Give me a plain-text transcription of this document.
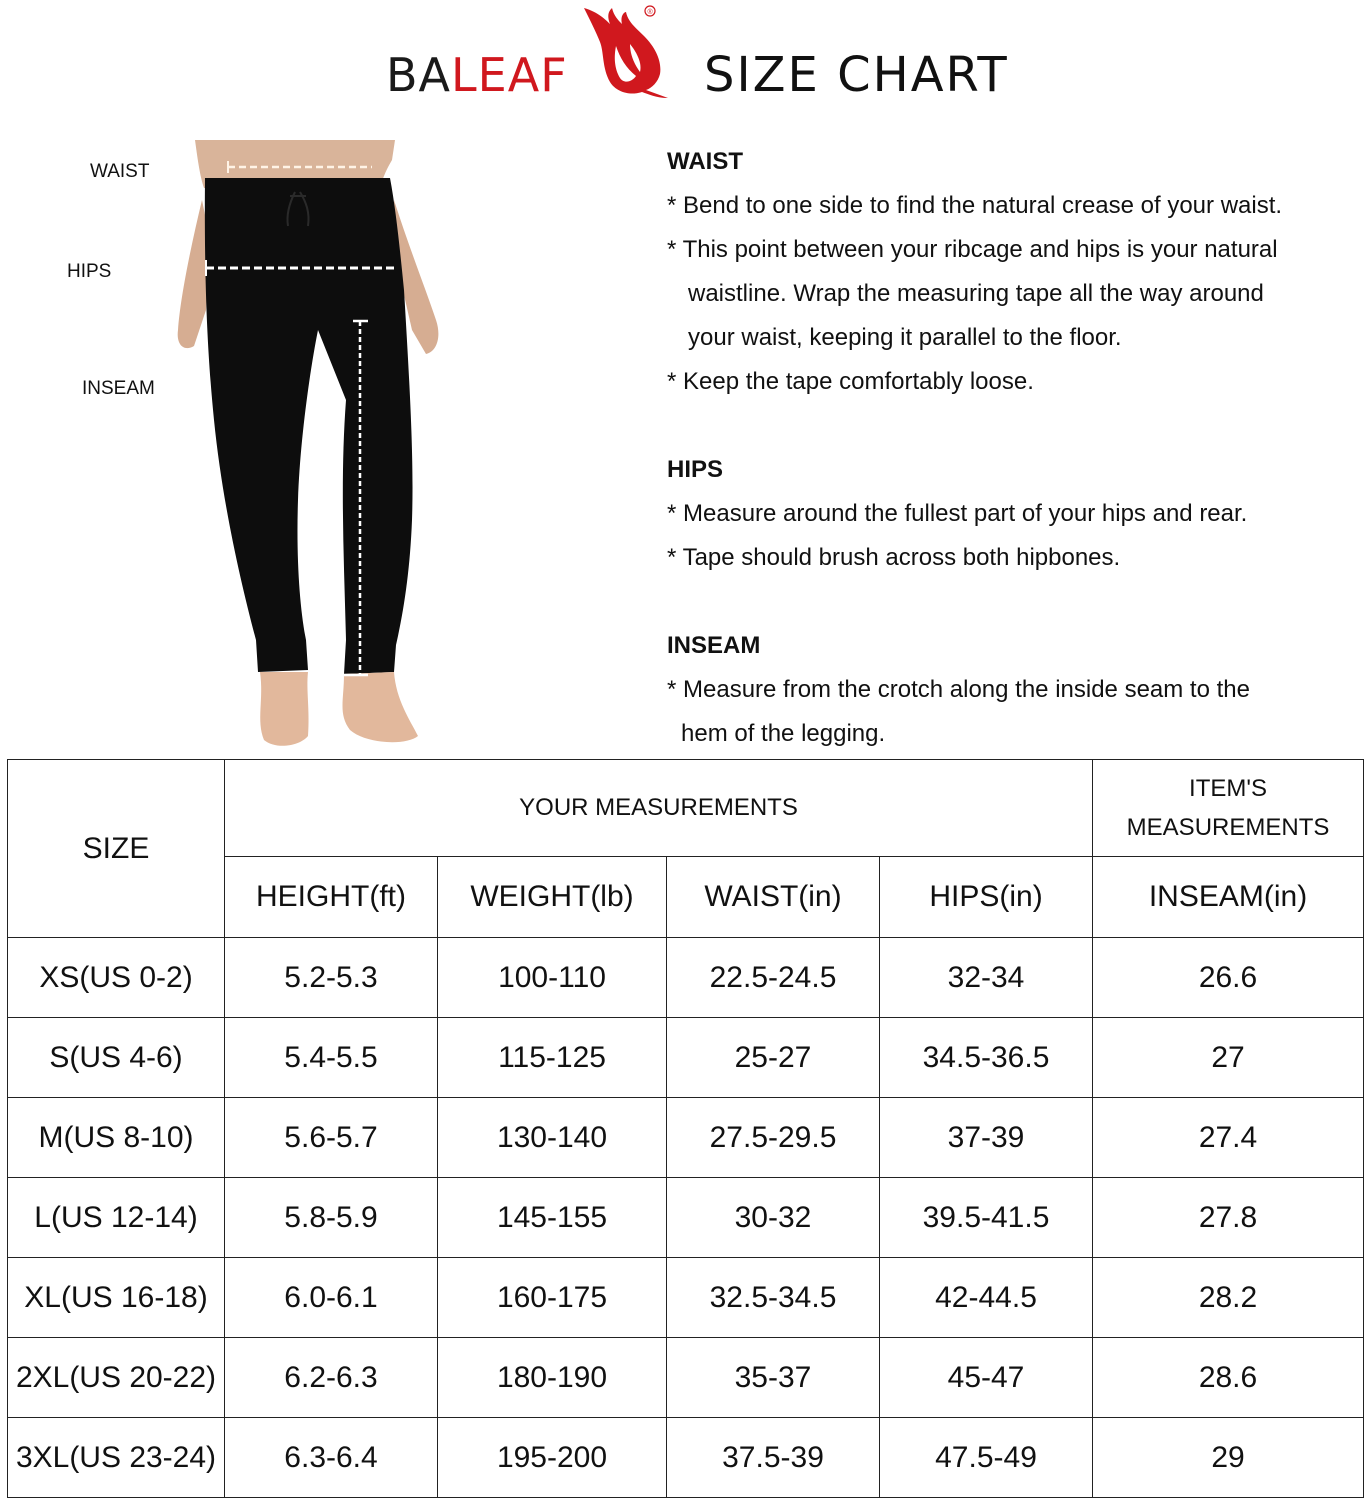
BALEAF
®
SIZE CHART
WAIST
HIPS
INSEAM
WAIST

* Bend to one side to find the natural crease of your waist.

* This point between your ribcage and hips is your natural

waistline. Wrap the measuring tape all the way around

your waist, keeping it parallel to the floor.

* Keep the tape comfortably loose.

HIPS

* Measure around the fullest part of your hips and rear.

* Tape should brush across both hipbones.

INSEAM

* Measure from the crotch along the inside seam to the

hem of the legging.

SIZE	YOUR MEASUREMENTS				ITEM'S
MEASUREMENTS
	HEIGHT(ft)	WEIGHT(lb)	WAIST(in)	HIPS(in)	INSEAM(in)
XS(US 0-2)	5.2-5.3	100-110	22.5-24.5	32-34	26.6
S(US 4-6)	5.4-5.5	115-125	25-27	34.5-36.5	27
M(US 8-10)	5.6-5.7	130-140	27.5-29.5	37-39	27.4
L(US 12-14)	5.8-5.9	145-155	30-32	39.5-41.5	27.8
XL(US 16-18)	6.0-6.1	160-175	32.5-34.5	42-44.5	28.2
2XL(US 20-22)	6.2-6.3	180-190	35-37	45-47	28.6
3XL(US 23-24)	6.3-6.4	195-200	37.5-39	47.5-49	29
